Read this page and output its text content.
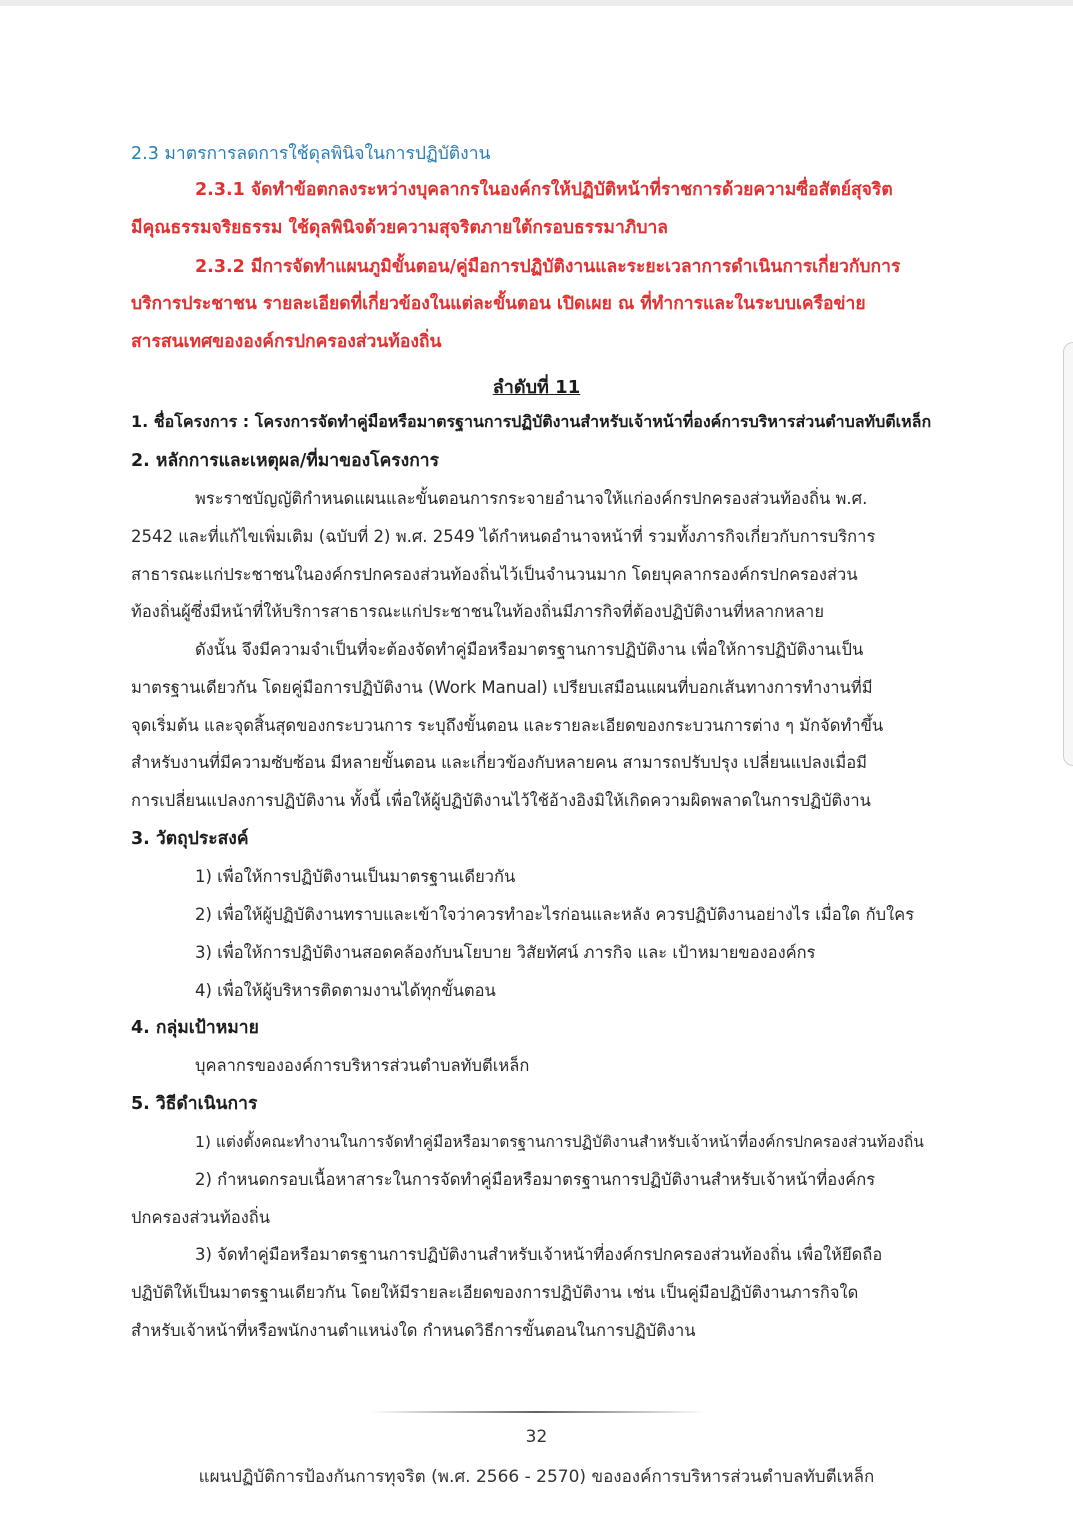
2.3 มาตรการลดการใช้ดุลพินิจในการปฏิบัติงาน
2.3.1 จัดทำข้อตกลงระหว่างบุคลากรในองค์กรให้ปฏิบัติหน้าที่ราชการด้วยความซื่อสัตย์สุจริต
มีคุณธรรมจริยธรรม ใช้ดุลพินิจด้วยความสุจริตภายใต้กรอบธรรมาภิบาล
2.3.2 มีการจัดทำแผนภูมิขั้นตอน/คู่มือการปฏิบัติงานและระยะเวลาการดำเนินการเกี่ยวกับการ
บริการประชาชน รายละเอียดที่เกี่ยวข้องในแต่ละขั้นตอน เปิดเผย ณ ที่ทำการและในระบบเครือข่าย
สารสนเทศขององค์กรปกครองส่วนท้องถิ่น
ลำดับที่ 11
1. ชื่อโครงการ : โครงการจัดทำคู่มือหรือมาตรฐานการปฏิบัติงานสำหรับเจ้าหน้าที่องค์การบริหารส่วนตำบลทับตีเหล็ก
2. หลักการและเหตุผล/ที่มาของโครงการ
พระราชบัญญัติกำหนดแผนและขั้นตอนการกระจายอำนาจให้แก่องค์กรปกครองส่วนท้องถิ่น พ.ศ.
2542 และที่แก้ไขเพิ่มเติม (ฉบับที่ 2) พ.ศ. 2549 ได้กำหนดอำนาจหน้าที่ รวมทั้งภารกิจเกี่ยวกับการบริการ
สาธารณะแก่ประชาชนในองค์กรปกครองส่วนท้องถิ่นไว้เป็นจำนวนมาก โดยบุคลากรองค์กรปกครองส่วน
ท้องถิ่นผู้ซึ่งมีหน้าที่ให้บริการสาธารณะแก่ประชาชนในท้องถิ่นมีภารกิจที่ต้องปฏิบัติงานที่หลากหลาย
ดังนั้น จึงมีความจำเป็นที่จะต้องจัดทำคู่มือหรือมาตรฐานการปฏิบัติงาน เพื่อให้การปฏิบัติงานเป็น
มาตรฐานเดียวกัน โดยคู่มือการปฏิบัติงาน (Work Manual) เปรียบเสมือนแผนที่บอกเส้นทางการทำงานที่มี
จุดเริ่มต้น และจุดสิ้นสุดของกระบวนการ ระบุถึงขั้นตอน และรายละเอียดของกระบวนการต่าง ๆ มักจัดทำขึ้น
สำหรับงานที่มีความซับซ้อน มีหลายขั้นตอน และเกี่ยวข้องกับหลายคน สามารถปรับปรุง เปลี่ยนแปลงเมื่อมี
การเปลี่ยนแปลงการปฏิบัติงาน ทั้งนี้ เพื่อให้ผู้ปฏิบัติงานไว้ใช้อ้างอิงมิให้เกิดความผิดพลาดในการปฏิบัติงาน
3. วัตถุประสงค์
1) เพื่อให้การปฏิบัติงานเป็นมาตรฐานเดียวกัน
2) เพื่อให้ผู้ปฏิบัติงานทราบและเข้าใจว่าควรทำอะไรก่อนและหลัง ควรปฏิบัติงานอย่างไร เมื่อใด กับใคร
3) เพื่อให้การปฏิบัติงานสอดคล้องกับนโยบาย วิสัยทัศน์ ภารกิจ และ เป้าหมายขององค์กร
4) เพื่อให้ผู้บริหารติดตามงานได้ทุกขั้นตอน
4. กลุ่มเป้าหมาย
บุคลากรขององค์การบริหารส่วนตำบลทับตีเหล็ก
5. วิธีดำเนินการ
1) แต่งตั้งคณะทำงานในการจัดทำคู่มือหรือมาตรฐานการปฏิบัติงานสำหรับเจ้าหน้าที่องค์กรปกครองส่วนท้องถิ่น
2) กำหนดกรอบเนื้อหาสาระในการจัดทำคู่มือหรือมาตรฐานการปฏิบัติงานสำหรับเจ้าหน้าที่องค์กร
ปกครองส่วนท้องถิ่น
3) จัดทำคู่มือหรือมาตรฐานการปฏิบัติงานสำหรับเจ้าหน้าที่องค์กรปกครองส่วนท้องถิ่น เพื่อให้ยึดถือ
ปฏิบัติให้เป็นมาตรฐานเดียวกัน โดยให้มีรายละเอียดของการปฏิบัติงาน เช่น เป็นคู่มือปฏิบัติงานภารกิจใด
สำหรับเจ้าหน้าที่หรือพนักงานตำแหน่งใด กำหนดวิธีการขั้นตอนในการปฏิบัติงาน
32
แผนปฏิบัติการป้องกันการทุจริต (พ.ศ. 2566 - 2570) ขององค์การบริหารส่วนตำบลทับตีเหล็ก
